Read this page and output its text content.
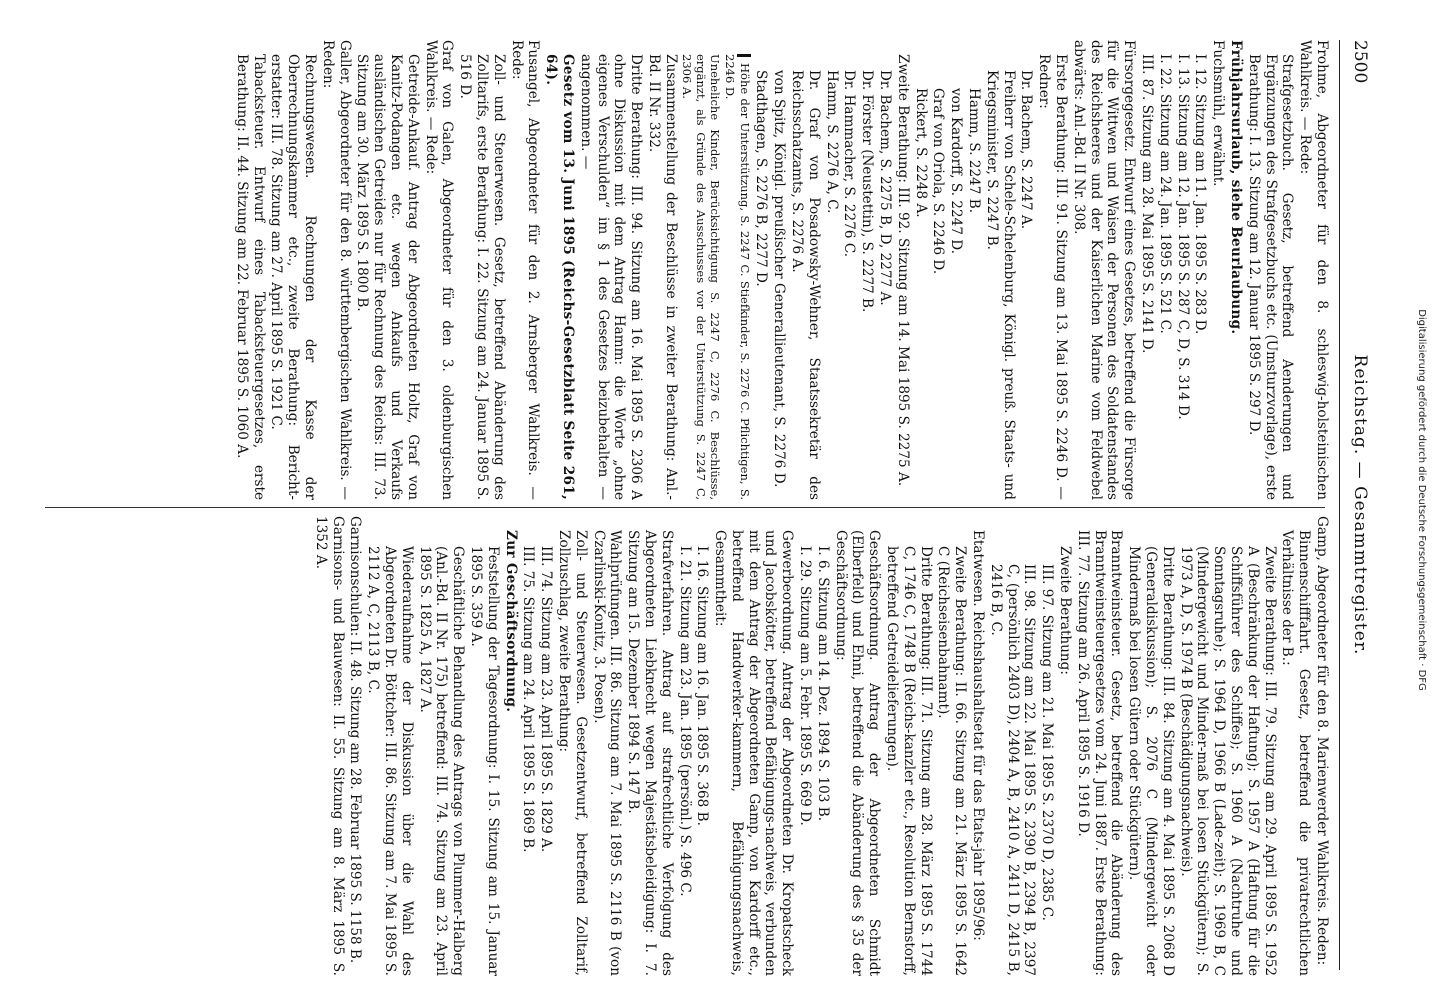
2500
Reichstag. — Gesammtregister.

Frohme, Abgeordneter für den 8. schleswig-holsteinischen Wahlkreis. — Rede:

Strafgesetzbuch. Gesetz, betreffend Aenderungen und Ergänzungen des Strafgesetzbuchs etc. (Umsturzvorlage), erste Berathung: I. 13. Sitzung am 12. Januar 1895 S. 297 D.

Frühjahrsurlaub, siehe Beurlaubung.

Fuchsmühl, erwähnt.

I. 12. Sitzung am 11. Jan. 1895 S. 283 D.

I. 13. Sitzung am 12. Jan. 1895 S. 287 C, D, S. 314 D.

I. 22. Sitzung am 24. Jan. 1895 S. 521 C.

III. 87. Sitzung am 28. Mai 1895 S. 2141 D.

Fürsorgegesetz. Entwurf eines Gesetzes, betreffend die Fürsorge für die Wittwen und Waisen der Personen des Soldatenstandes des Reichsheeres und der Kaiserlichen Marine vom Feldwebel abwärts: Anl.-Bd. II Nr. 308.

Erste Berathung: III. 91. Sitzung am 13. Mai 1895 S. 2246 D. — Redner:

Dr. Bachem, S. 2247 A.

Freiherr von Schele-Schelenburg, Königl. preuß. Staats- und Kriegsminister, S. 2247 B.

Hamm, S. 2247 B.

von Kardorff, S. 2247 D.

Graf von Oriola, S. 2246 D.

Rickert, S. 2248 A.

Zweite Berathung: III. 92. Sitzung am 14. Mai 1895 S. 2275 A.

Dr. Bachem, S. 2275 B, D, 2277 A.

Dr. Förster (Neustettin), S. 2277 B.

Dr. Hammacher, S. 2276 C.

Hamm, S. 2276 A, C.

Dr. Graf von Posadowsky-Wehner, Staatssekretär des Reichsschatzamts, S. 2276 A.

von Spitz, Königl. preußischer Generallieutenant, S. 2276 D.

Stadthagen, S. 2276 B, 2277 D.

Höhe der Unterstützung, S. 2247 C. Stiefkinder, S. 2276 C. Pflichtigen, S. 2246 D.

Uneheliche Kinder, Berücksichtigung S. 2247 C, 2276 C. Beschlüsse, ergänzt, als Gründe des Ausschusses vor der Unterstützung S. 2247 C, 2306 A.

Zusammenstellung der Beschlüsse in zweiter Berathung: Anl.-Bd. II Nr. 332.

Dritte Berathung: III. 94. Sitzung am 16. Mai 1895 S. 2306 A ohne Diskussion mit dem Antrag Hamm: die Worte „ohne eigenes Verschulden“ im § 1 des Gesetzes beizubehalten — angenommen. —

Gesetz vom 13. Juni 1895 (Reichs-Gesetzblatt Seite 261, 64).

Fusangel, Abgeordneter für den 2. Arnsberger Wahlkreis. — Rede:

Zoll- und Steuerwesen. Gesetz, betreffend Abänderung des Zolltarifs, erste Berathung: I. 22. Sitzung am 24. Januar 1895 S. 516 D.

Graf von Galen, Abgeordneter für den 3. oldenburgischen Wahlkreis. — Rede:

Getreide-Ankauf. Antrag der Abgeordneten Holtz, Graf von Kanitz-Podangen etc. wegen Ankaufs und Verkaufs ausländischen Getreides nur für Rechnung des Reichs: III. 73. Sitzung am 30. März 1895 S. 1800 B.

Galler, Abgeordneter für den 8. württembergischen Wahlkreis. — Reden:

Rechnungswesen. Rechnungen der Kasse der Oberrechnungskammer etc., zweite Berathung: Bericht-erstatter: III. 78. Sitzung am 27. April 1895 S. 1921 C.

Tabacksteuer. Entwurf eines Tabacksteuergesetzes, erste Berathung: II. 44. Sitzung am 22. Februar 1895 S. 1060 A.

Gamp, Abgeordneter für den 8. Marienwerder Wahlkreis. Reden:

Binnenschifffahrt. Gesetz, betreffend die privatrechtlichen Verhältnisse der B.:

Zweite Berathung: III. 79. Sitzung am 29. April 1895 S. 1952 A (Beschränkung der Haftung); S. 1957 A (Haftung für die Schiffsführer des Schiffes); S. 1960 A (Nachtruhe und Sonntagsruhe); S. 1964 D, 1966 B (Lade-zeit); S. 1969 B, C (Mindergewicht und Minder-maß bei losen Stückgütern); S. 1973 A, D, S. 1974 B (Beschädigungsnachweis).

Dritte Berathung: III. 84. Sitzung am 4. Mai 1895 S. 2068 D (Generaldiskussion); S. 2076 C (Mindergewicht oder Mindermaß bei losen Gütern oder Stückgütern).

Branntweinsteuer. Gesetz, betreffend die Abänderung des Branntweinsteuergesetzes vom 24. Juni 1887. Erste Berathung: III. 77. Sitzung am 26. April 1895 S. 1916 D.

Zweite Berathung:

III. 97. Sitzung am 21. Mai 1895 S. 2370 D, 2385 C.

III. 98. Sitzung am 22. Mai 1895 S. 2390 B, 2394 B, 2397 C, (persönlich 2403 D), 2404 A, B, 2410 A, 2411 D, 2415 B, 2416 B, C.

Etatwesen. Reichshaushaltsetat für das Etats-jahr 1895/96:

Zweite Berathung: II. 66. Sitzung am 21. März 1895 S. 1642 C (Reichseisenbahnamt).

Dritte Berathung: III. 71. Sitzung am 28. März 1895 S. 1744 C, 1746 C, 1748 B (Reichs-kanzler etc., Resolution Bernstorff, betreffend Getreidelieferungen).

Geschäftsordnung. Antrag der Abgeordneten Schmidt (Elberfeld) und Ehni, betreffend die Abänderung des § 35 der Geschäftsordnung:

I. 6. Sitzung am 14. Dez. 1894 S. 103 B.

I. 29. Sitzung am 5. Febr. 1895 S. 669 D.

Gewerbeordnung. Antrag der Abgeordneten Dr. Kropatscheck und Jacobskötter, betreffend Befähigungs-nachweis, verbunden mit dem Antrag der Abgeordneten Gamp, von Kardorff etc., betreffend Handwerker-kammern, Befähigungsnachweis, Gesammtheit:

I. 16. Sitzung am 16. Jan. 1895 S. 368 B.

I. 21. Sitzung am 23. Jan. 1895 (persönl.) S. 496 C.

Strafverfahren. Antrag auf strafrechtliche Verfolgung des Abgeordneten Liebknecht wegen Majestätsbeleidigung: I. 7. Sitzung am 15. Dezember 1894 S. 147 B.

Wahlprüfungen. III. 86. Sitzung am 7. Mai 1895 S. 2116 B (von Czarlinski-Konitz, 3. Posen).

Zoll- und Steuerwesen. Gesetzentwurf, betreffend Zolltarif, Zollzuschlag, zweite Berathung:

III. 74. Sitzung am 23. April 1895 S. 1829 A.

III. 75. Sitzung am 24. April 1895 S. 1869 B.

Zur Geschäftsordnung.

Feststellung der Tagesordnung: I. 15. Sitzung am 15. Januar 1895 S. 359 A.

Geschäftliche Behandlung des Antrags von Plummer-Halberg (Anl.-Bd. II Nr. 175) betreffend: III. 74. Sitzung am 23. April 1895 S. 1825 A, 1827 A.

Wiederaufnahme der Diskussion über die Wahl des Abgeordneten Dr. Böttcher: III. 86. Sitzung am 7. Mai 1895 S. 2112 A, C, 2113 B, C.

Garnisonschulen: II. 48. Sitzung am 28. Februar 1895 S. 1158 B.

Garnisons- und Bauwesen: II. 55. Sitzung am 8. März 1895 S. 1352 A.	Digitalisierung gefördert durch die Deutsche Forschungsgemeinschaft · DFG
